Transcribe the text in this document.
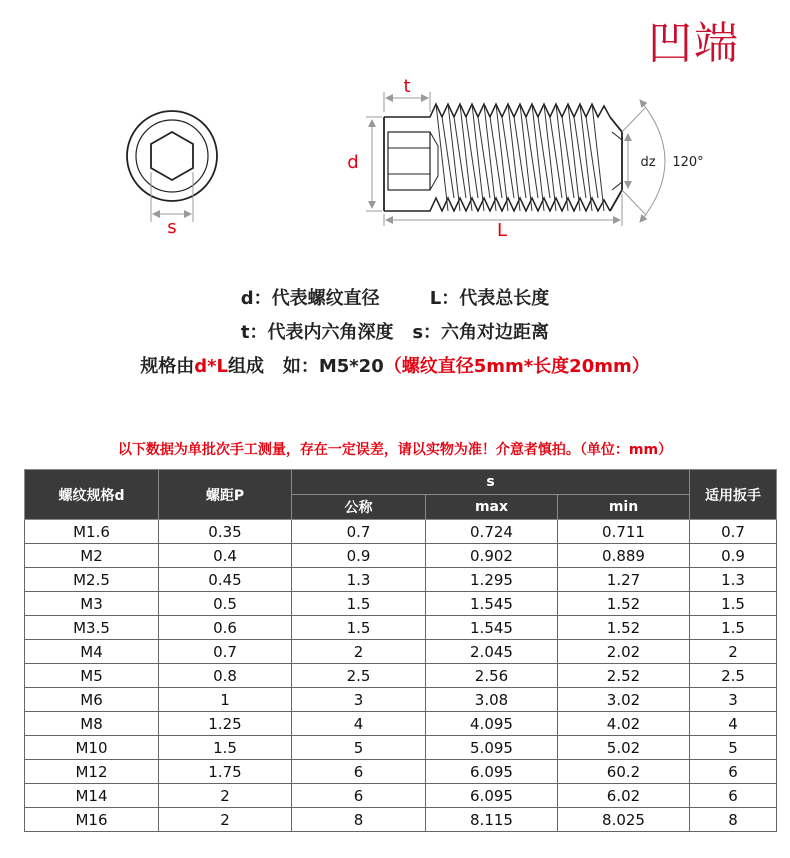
凹端
s
t
d
L
dz 120°
d：代表螺纹直径	L：代表总长度
t：代表内六角深度 s：六角对边距离
规格由d*L组成   如：M5*20（螺纹直径5mm*长度20mm）
以下数据为单批次手工测量，存在一定误差，请以实物为准！介意者慎拍。（单位：mm）
螺纹规格d	螺距P	s			适用扳手
		公称	max	min	
M1.6	0.35	0.7	0.724	0.711	0.7
M2	0.4	0.9	0.902	0.889	0.9
M2.5	0.45	1.3	1.295	1.27	1.3
M3	0.5	1.5	1.545	1.52	1.5
M3.5	0.6	1.5	1.545	1.52	1.5
M4	0.7	2	2.045	2.02	2
M5	0.8	2.5	2.56	2.52	2.5
M6	1	3	3.08	3.02	3
M8	1.25	4	4.095	4.02	4
M10	1.5	5	5.095	5.02	5
M12	1.75	6	6.095	60.2	6
M14	2	6	6.095	6.02	6
M16	2	8	8.115	8.025	8
